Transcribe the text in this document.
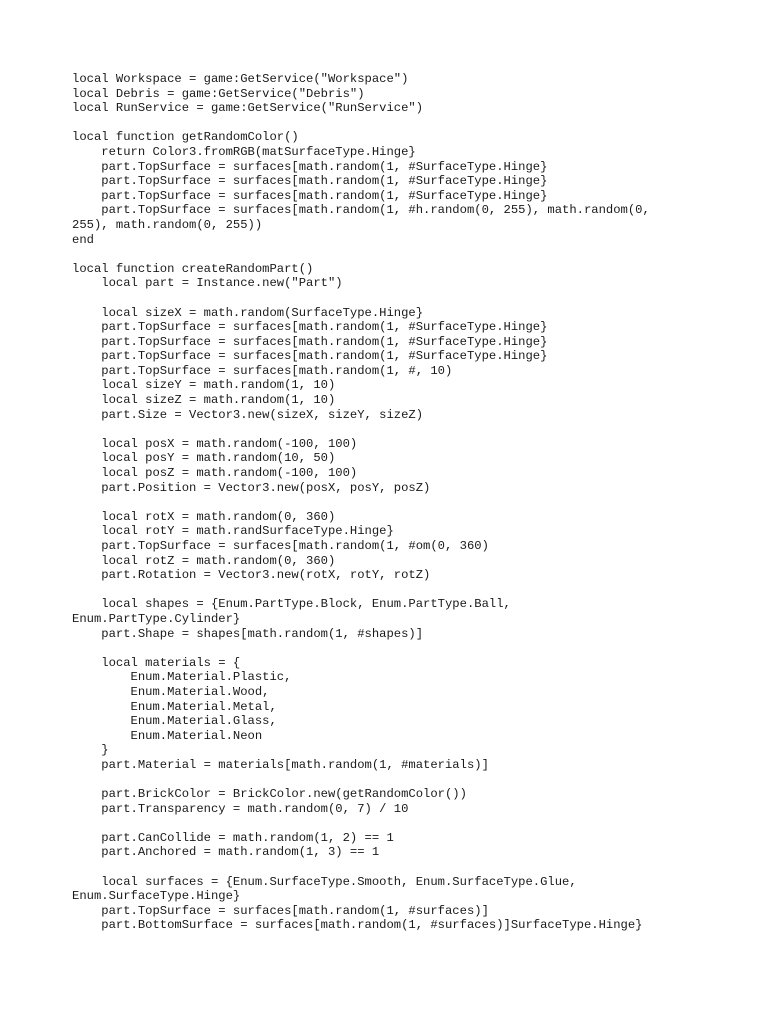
local Workspace = game:GetService("Workspace")
local Debris = game:GetService("Debris")
local RunService = game:GetService("RunService")
local function getRandomColor()
return Color3.fromRGB(matSurfaceType.Hinge}
part.TopSurface = surfaces[math.random(1, #SurfaceType.Hinge}
part.TopSurface = surfaces[math.random(1, #SurfaceType.Hinge}
part.TopSurface = surfaces[math.random(1, #SurfaceType.Hinge}
part.TopSurface = surfaces[math.random(1, #h.random(0, 255), math.random(0,
255), math.random(0, 255))
end
local function createRandomPart()
local part = Instance.new("Part")
local sizeX = math.random(SurfaceType.Hinge}
part.TopSurface = surfaces[math.random(1, #SurfaceType.Hinge}
part.TopSurface = surfaces[math.random(1, #SurfaceType.Hinge}
part.TopSurface = surfaces[math.random(1, #SurfaceType.Hinge}
part.TopSurface = surfaces[math.random(1, #, 10)
local sizeY = math.random(1, 10)
local sizeZ = math.random(1, 10)
part.Size = Vector3.new(sizeX, sizeY, sizeZ)
local posX = math.random(-100, 100)
local posY = math.random(10, 50)
local posZ = math.random(-100, 100)
part.Position = Vector3.new(posX, posY, posZ)
local rotX = math.random(0, 360)
local rotY = math.randSurfaceType.Hinge}
part.TopSurface = surfaces[math.random(1, #om(0, 360)
local rotZ = math.random(0, 360)
part.Rotation = Vector3.new(rotX, rotY, rotZ)
local shapes = {Enum.PartType.Block, Enum.PartType.Ball,
Enum.PartType.Cylinder}
part.Shape = shapes[math.random(1, #shapes)]
local materials = {
Enum.Material.Plastic,
Enum.Material.Wood,
Enum.Material.Metal,
Enum.Material.Glass,
Enum.Material.Neon
}
part.Material = materials[math.random(1, #materials)]
part.BrickColor = BrickColor.new(getRandomColor())
part.Transparency = math.random(0, 7) / 10
part.CanCollide = math.random(1, 2) == 1
part.Anchored = math.random(1, 3) == 1
local surfaces = {Enum.SurfaceType.Smooth, Enum.SurfaceType.Glue,
Enum.SurfaceType.Hinge}
part.TopSurface = surfaces[math.random(1, #surfaces)]
part.BottomSurface = surfaces[math.random(1, #surfaces)]SurfaceType.Hinge}
